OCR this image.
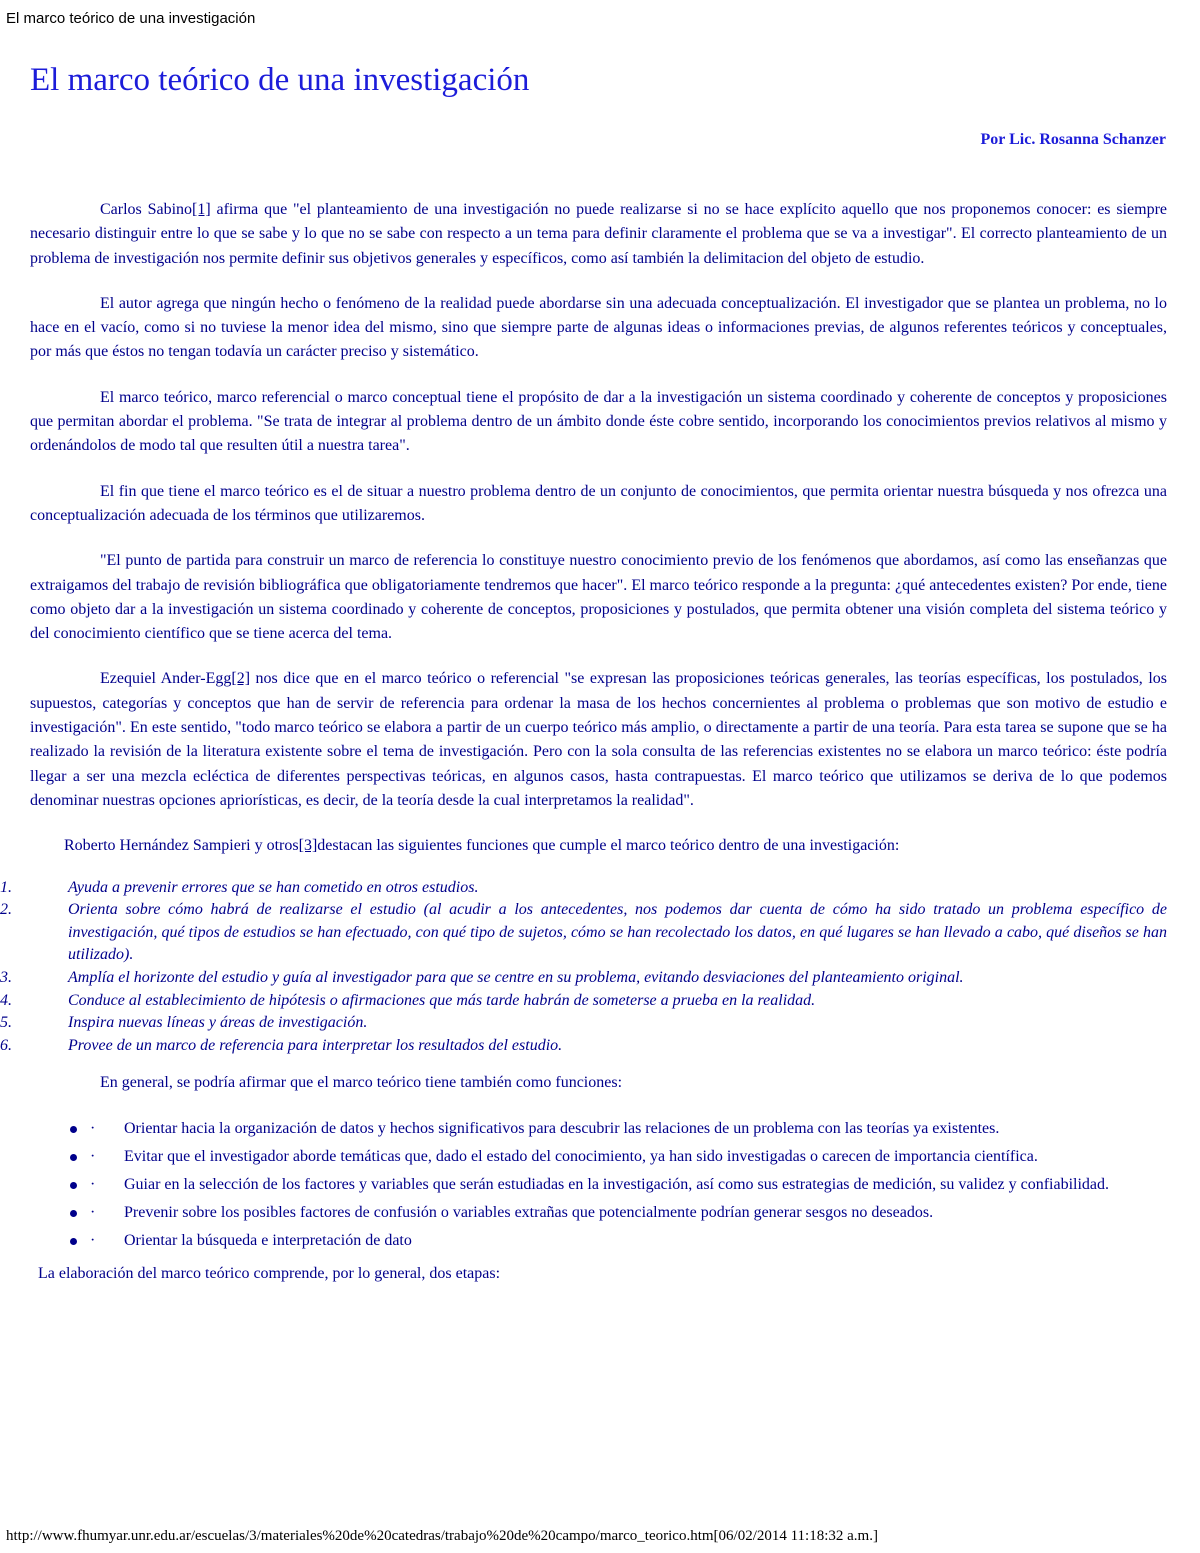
El marco teórico de una investigación
El marco teórico de una investigación
Por Lic. Rosanna Schanzer

Carlos Sabino[1] afirma que "el planteamiento de una investigación no puede realizarse si no se hace explícito aquello que nos proponemos conocer: es siempre necesario distinguir entre lo que se sabe y lo que no se sabe con respecto a un tema para definir claramente el problema que se va a investigar". El correcto planteamiento de un problema de investigación nos permite definir sus objetivos generales y específicos, como así también la delimitacion del objeto de estudio.

El autor agrega que ningún hecho o fenómeno de la realidad puede abordarse sin una adecuada conceptualización. El investigador que se plantea un problema, no lo hace en el vacío, como si no tuviese la menor idea del mismo, sino que siempre parte de algunas ideas o informaciones previas, de algunos referentes teóricos y conceptuales, por más que éstos no tengan todavía un carácter preciso y sistemático.

El marco teórico, marco referencial o marco conceptual tiene el propósito de dar a la investigación un sistema coordinado y coherente de conceptos y proposiciones que permitan abordar el problema. "Se trata de integrar al problema dentro de un ámbito donde éste cobre sentido, incorporando los conocimientos previos relativos al mismo y ordenándolos de modo tal que resulten útil a nuestra tarea".

El fin que tiene el marco teórico es el de situar a nuestro problema dentro de un conjunto de conocimientos, que permita orientar nuestra búsqueda y nos ofrezca una conceptualización adecuada de los términos que utilizaremos.

"El punto de partida para construir un marco de referencia lo constituye nuestro conocimiento previo de los fenómenos que abordamos, así como las enseñanzas que extraigamos del trabajo de revisión bibliográfica que obligatoriamente tendremos que hacer". El marco teórico responde a la pregunta: ¿qué antecedentes existen? Por ende, tiene como objeto dar a la investigación un sistema coordinado y coherente de conceptos, proposiciones y postulados, que permita obtener una visión completa del sistema teórico y del conocimiento científico que se tiene acerca del tema.

Ezequiel Ander-Egg[2] nos dice que en el marco teórico o referencial "se expresan las proposiciones teóricas generales, las teorías específicas, los postulados, los supuestos, categorías y conceptos que han de servir de referencia para ordenar la masa de los hechos concernientes al problema o problemas que son motivo de estudio e investigación". En este sentido, "todo marco teórico se elabora a partir de un cuerpo teórico más amplio, o directamente a partir de una teoría. Para esta tarea se supone que se ha realizado la revisión de la literatura existente sobre el tema de investigación. Pero con la sola consulta de las referencias existentes no se elabora un marco teórico: éste podría llegar a ser una mezcla ecléctica de diferentes perspectivas teóricas, en algunos casos, hasta contrapuestas. El marco teórico que utilizamos se deriva de lo que podemos denominar nuestras opciones apriorísticas, es decir, de la teoría desde la cual interpretamos la realidad".

Roberto Hernández Sampieri y otros[3]destacan las siguientes funciones que cumple el marco teórico dentro de una investigación:

1.	Ayuda a prevenir errores que se han cometido en otros estudios.
2.	Orienta sobre cómo habrá de realizarse el estudio (al acudir a los antecedentes, nos podemos dar cuenta de cómo ha sido tratado un problema específico de investigación, qué tipos de estudios se han efectuado, con qué tipo de sujetos, cómo se han recolectado los datos, en qué lugares se han llevado a cabo, qué diseños se han utilizado).
3.	Amplía el horizonte del estudio y guía al investigador para que se centre en su problema, evitando desviaciones del planteamiento original.
4.	Conduce al establecimiento de hipótesis o afirmaciones que más tarde habrán de someterse a prueba en la realidad.
5.	Inspira nuevas líneas y áreas de investigación.
6.	Provee de un marco de referencia para interpretar los resultados del estudio.

En general, se podría afirmar que el marco teórico tiene también como funciones:

· Orientar hacia la organización de datos y hechos significativos para descubrir las relaciones de un problema con las teorías ya existentes.
· Evitar que el investigador aborde temáticas que, dado el estado del conocimiento, ya han sido investigadas o carecen de importancia científica.
· Guiar en la selección de los factores y variables que serán estudiadas en la investigación, así como sus estrategias de medición, su validez y confiabilidad.
· Prevenir sobre los posibles factores de confusión o variables extrañas que potencialmente podrían generar sesgos no deseados.
· Orientar la búsqueda e interpretación de dato

La elaboración del marco teórico comprende, por lo general, dos etapas:

http://www.fhumyar.unr.edu.ar/escuelas/3/materiales%20de%20catedras/trabajo%20de%20campo/marco_teorico.htm[06/02/2014 11:18:32 a.m.]
